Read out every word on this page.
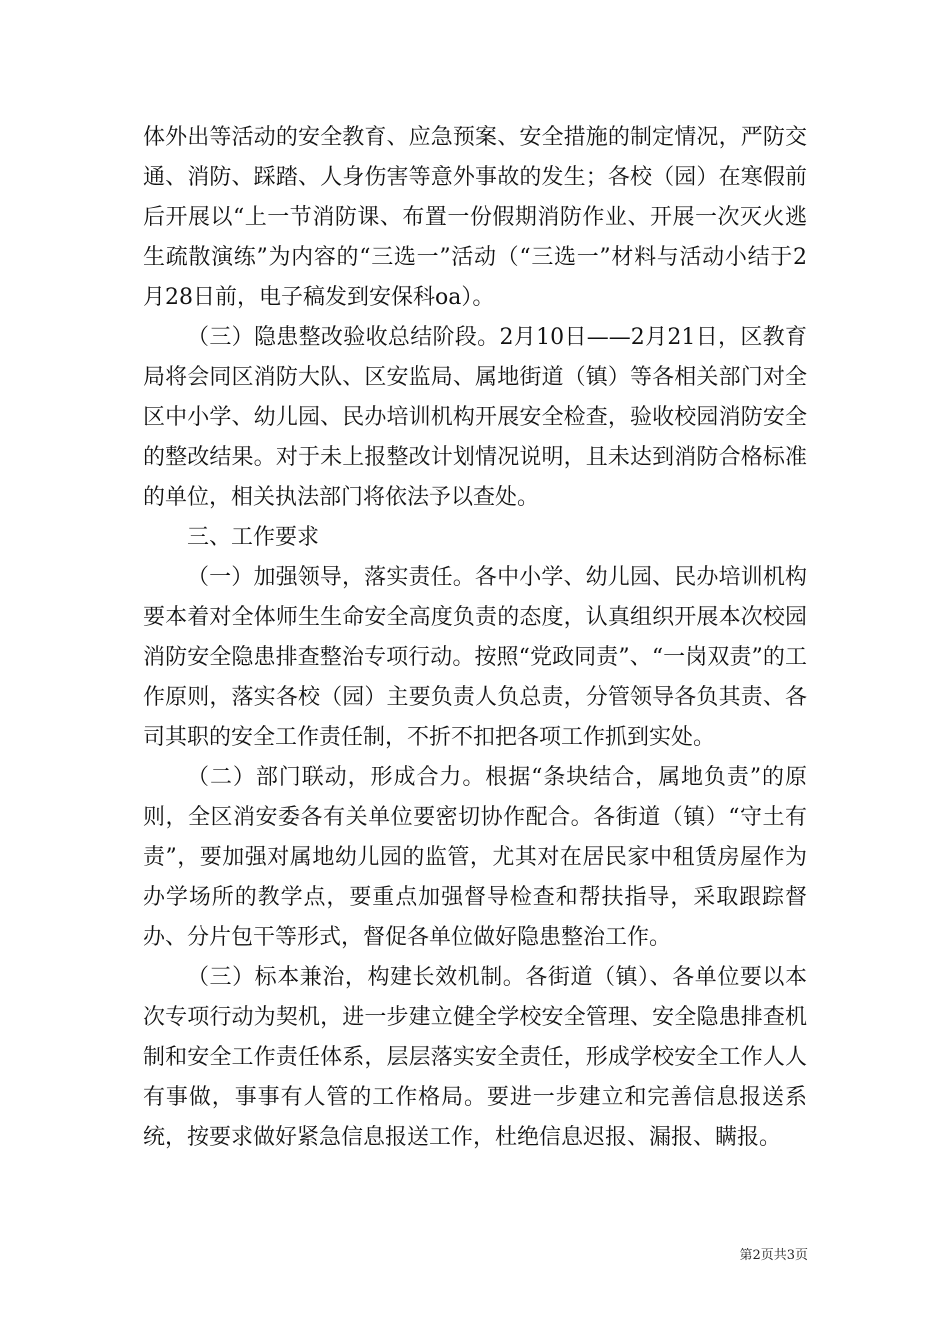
体外出等活动的安全教育、应急预案、安全措施的制定情况，严防交通、消防、踩踏、人身伤害等意外事故的发生；各校（园）在寒假前后开展以“上一节消防课、布置一份假期消防作业、开展一次灭火逃生疏散演练”为内容的“三选一”活动（“三选一”材料与活动小结于2月28日前，电子稿发到安保科oa）。

（三）隐患整改验收总结阶段。2月10日——2月21日，区教育局将会同区消防大队、区安监局、属地街道（镇）等各相关部门对全区中小学、幼儿园、民办培训机构开展安全检查，验收校园消防安全的整改结果。对于未上报整改计划情况说明，且未达到消防合格标准的单位，相关执法部门将依法予以查处。

三、工作要求

（一）加强领导，落实责任。各中小学、幼儿园、民办培训机构要本着对全体师生生命安全高度负责的态度，认真组织开展本次校园消防安全隐患排查整治专项行动。按照“党政同责”、“一岗双责”的工作原则，落实各校（园）主要负责人负总责，分管领导各负其责、各司其职的安全工作责任制，不折不扣把各项工作抓到实处。

（二）部门联动，形成合力。根据“条块结合，属地负责”的原则，全区消安委各有关单位要密切协作配合。各街道（镇）“守土有责”，要加强对属地幼儿园的监管，尤其对在居民家中租赁房屋作为办学场所的教学点，要重点加强督导检查和帮扶指导，采取跟踪督办、分片包干等形式，督促各单位做好隐患整治工作。

（三）标本兼治，构建长效机制。各街道（镇）、各单位要以本次专项行动为契机，进一步建立健全学校安全管理、安全隐患排查机制和安全工作责任体系，层层落实安全责任，形成学校安全工作人人有事做，事事有人管的工作格局。要进一步建立和完善信息报送系统，按要求做好紧急信息报送工作，杜绝信息迟报、漏报、瞒报。

第2页共3页
